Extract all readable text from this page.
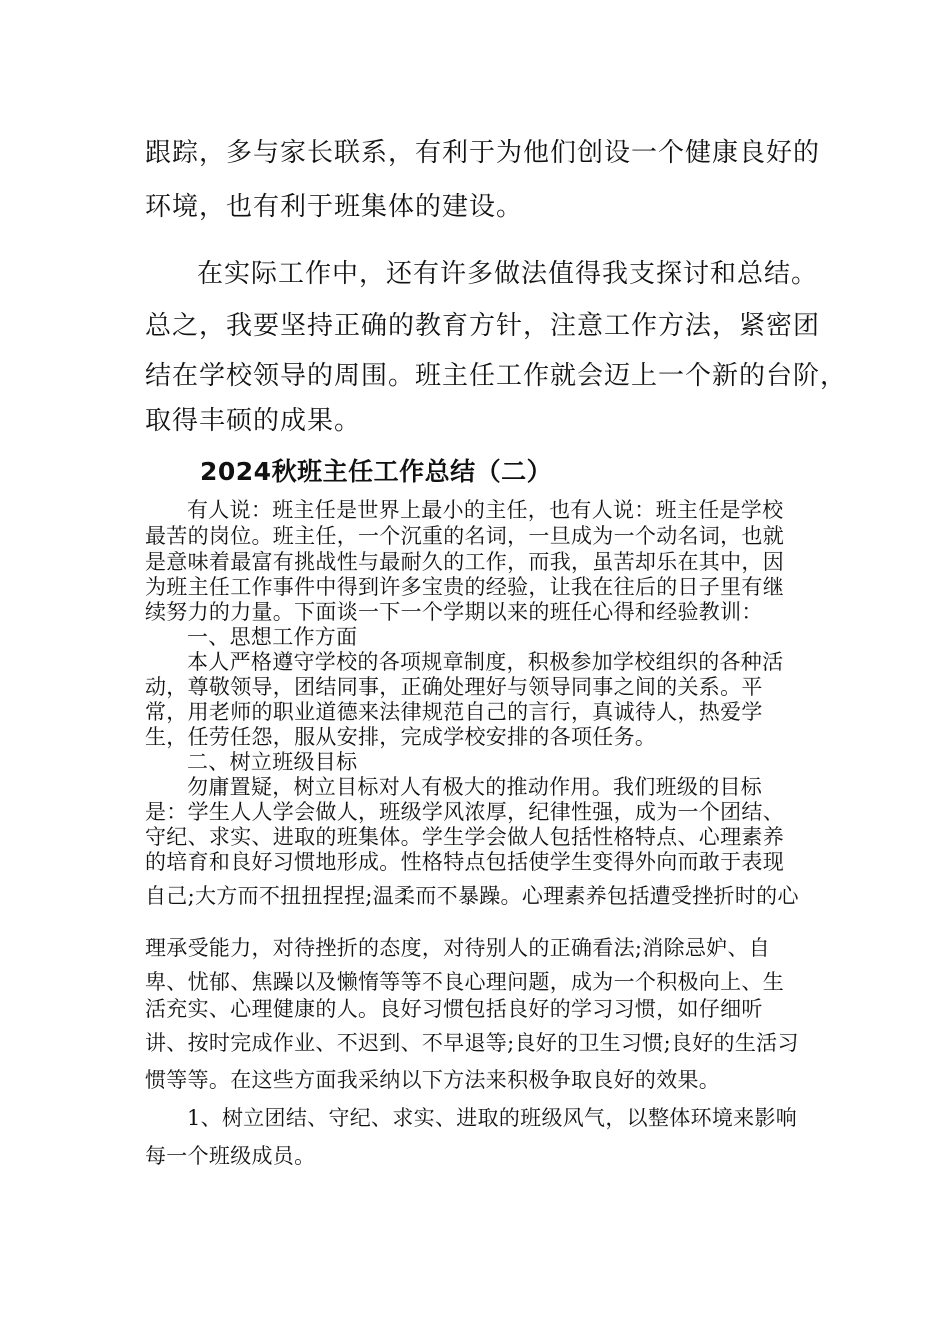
跟踪，多与家长联系，有利于为他们创设一个健康良好的
环境，也有利于班集体的建设。
在实际工作中，还有许多做法值得我支探讨和总结。
总之，我要坚持正确的教育方针，注意工作方法，紧密团
结在学校领导的周围。班主任工作就会迈上一个新的台阶，
取得丰硕的成果。
2024秋班主任工作总结（二）
有人说：班主任是世界上最小的主任，也有人说：班主任是学校
最苦的岗位。班主任，一个沉重的名词，一旦成为一个动名词，也就
是意味着最富有挑战性与最耐久的工作，而我，虽苦却乐在其中，因
为班主任工作事件中得到许多宝贵的经验，让我在往后的日子里有继
续努力的力量。下面谈一下一个学期以来的班任心得和经验教训：
一、思想工作方面
本人严格遵守学校的各项规章制度，积极参加学校组织的各种活
动，尊敬领导，团结同事，正确处理好与领导同事之间的关系。平
常，用老师的职业道德来法律规范自己的言行，真诚待人，热爱学
生，任劳任怨，服从安排，完成学校安排的各项任务。
二、树立班级目标
勿庸置疑，树立目标对人有极大的推动作用。我们班级的目标
是：学生人人学会做人，班级学风浓厚，纪律性强，成为一个团结、
守纪、求实、进取的班集体。学生学会做人包括性格特点、心理素养
的培育和良好习惯地形成。性格特点包括使学生变得外向而敢于表现
自己;大方而不扭扭捏捏;温柔而不暴躁。心理素养包括遭受挫折时的心
理承受能力，对待挫折的态度，对待别人的正确看法;消除忌妒、自
卑、忧郁、焦躁以及懒惰等等不良心理问题，成为一个积极向上、生
活充实、心理健康的人。良好习惯包括良好的学习习惯，如仔细听
讲、按时完成作业、不迟到、不早退等;良好的卫生习惯;良好的生活习
惯等等。在这些方面我采纳以下方法来积极争取良好的效果。
1、树立团结、守纪、求实、进取的班级风气，以整体环境来影响
每一个班级成员。
